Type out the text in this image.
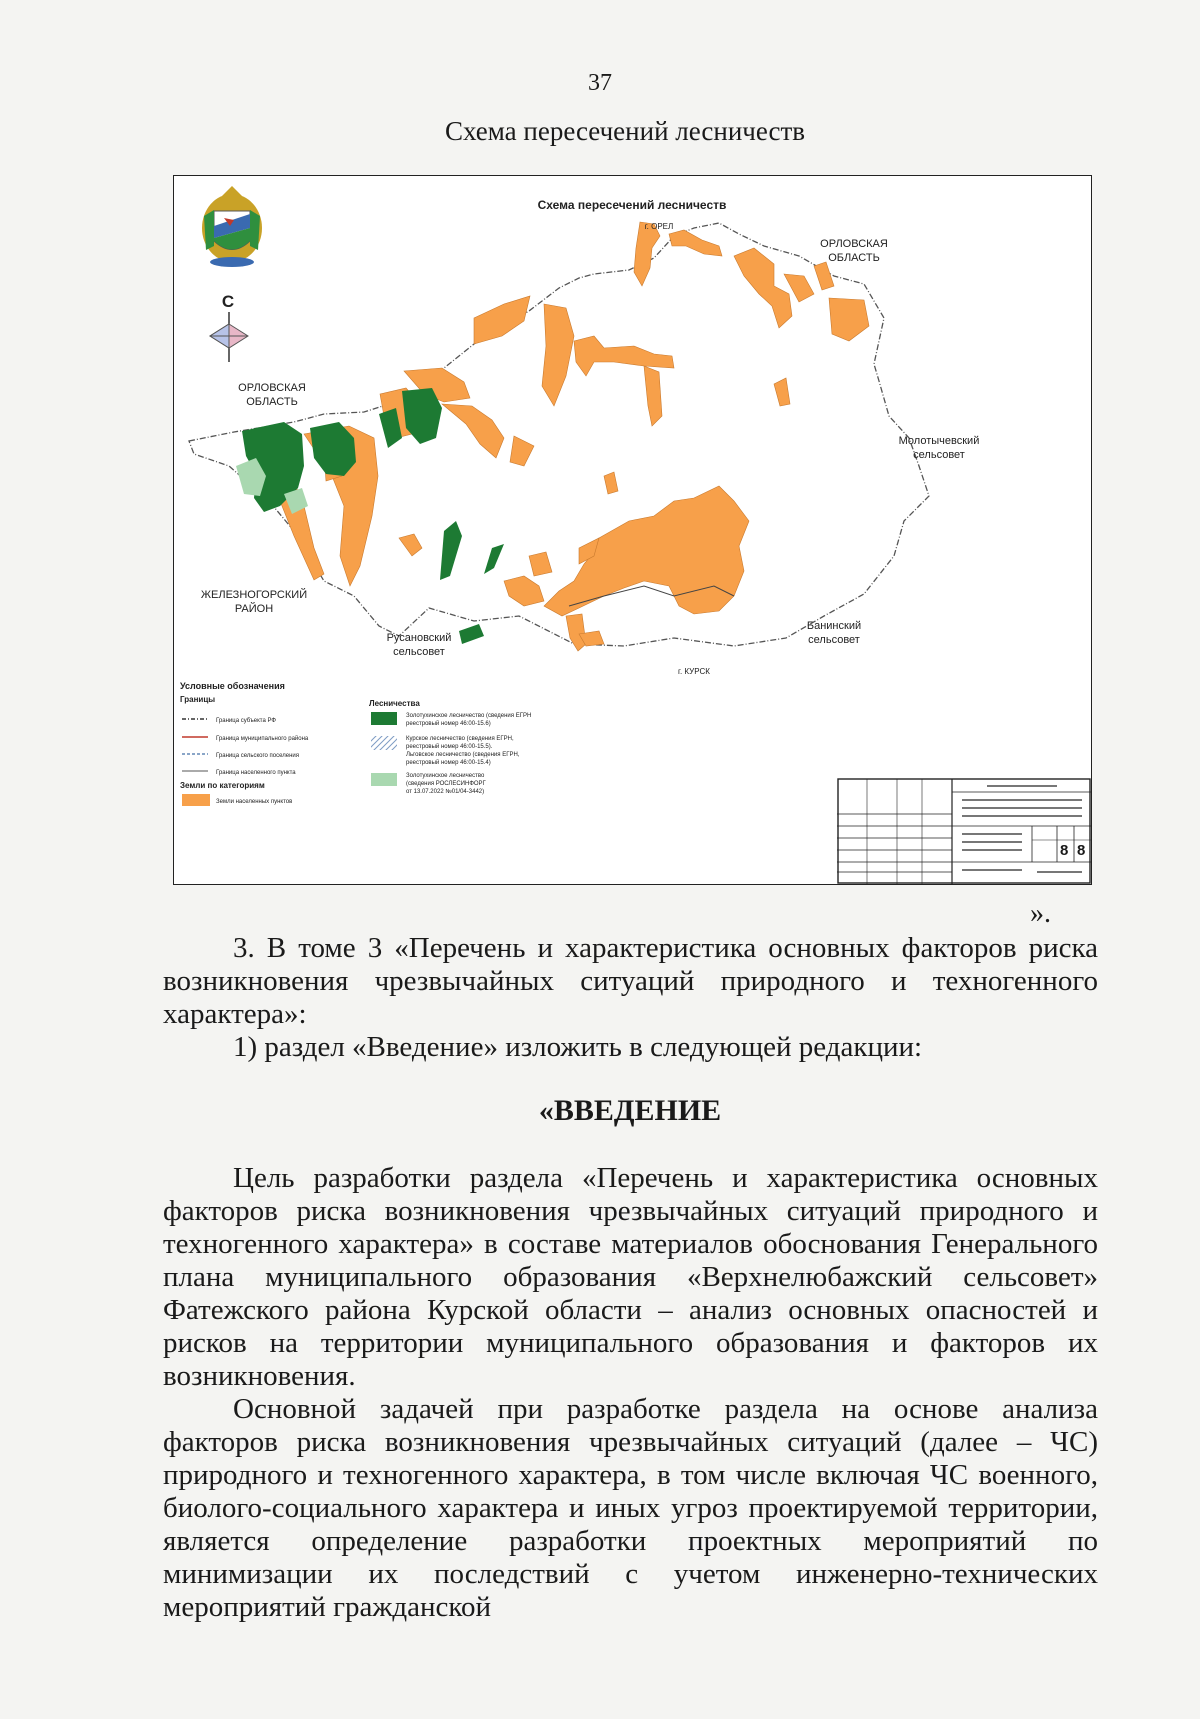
37
Схема пересечений лесничеств
Схема пересечений лесничеств
С
ОРЛОВСКАЯ
ОБЛАСТЬ
ОРЛОВСКАЯ
ОБЛАСТЬ
Молотычевский
сельсовет
ЖЕЛЕЗНОГОРСКИЙ
РАЙОН
Русановский
сельсовет
Банинский
сельсовет
г. ОРЕЛ
г. КУРСК
Условные обозначения
Границы
Граница субъекта РФ
Граница муниципального района
Граница сельского поселения
Граница населенного пункта
Земли по категориям
Земли населенных пунктов
Лесничества
Золотухинское лесничество (сведения ЕГРН
реестровый номер 46:00-15.6)
Курское лесничество (сведения ЕГРН,
реестровый номер 46:00-15.5).
Льговское лесничество (сведения ЕГРН,
реестровый номер 46:00-15.4)
Золотухинское лесничество
(сведения РОСЛЕСИНФОРГ
от 13.07.2022 №01/04-3442)
8 8
».

3. В томе 3 «Перечень и характеристика основных факторов риска возникновения чрезвычайных ситуаций природного и техногенного характера»:

1) раздел «Введение» изложить в следующей редакции:

«ВВЕДЕНИЕ

Цель разработки раздела «Перечень и характеристика основных факторов риска возникновения чрезвычайных ситуаций природного и техногенного характера» в составе материалов обоснования Генерального плана муниципального образования «Верхнелюбажский сельсовет» Фатежского района Курской области – анализ основных опасностей и рисков на территории муниципального образования и факторов их возникновения.

Основной задачей при разработке раздела на основе анализа факторов риска возникновения чрезвычайных ситуаций (далее – ЧС) природного и техногенного характера, в том числе включая ЧС военного, биолого-социального характера и иных угроз проектируемой территории, является определение разработки проектных мероприятий по минимизации их последствий с учетом инженерно-технических мероприятий гражданской
